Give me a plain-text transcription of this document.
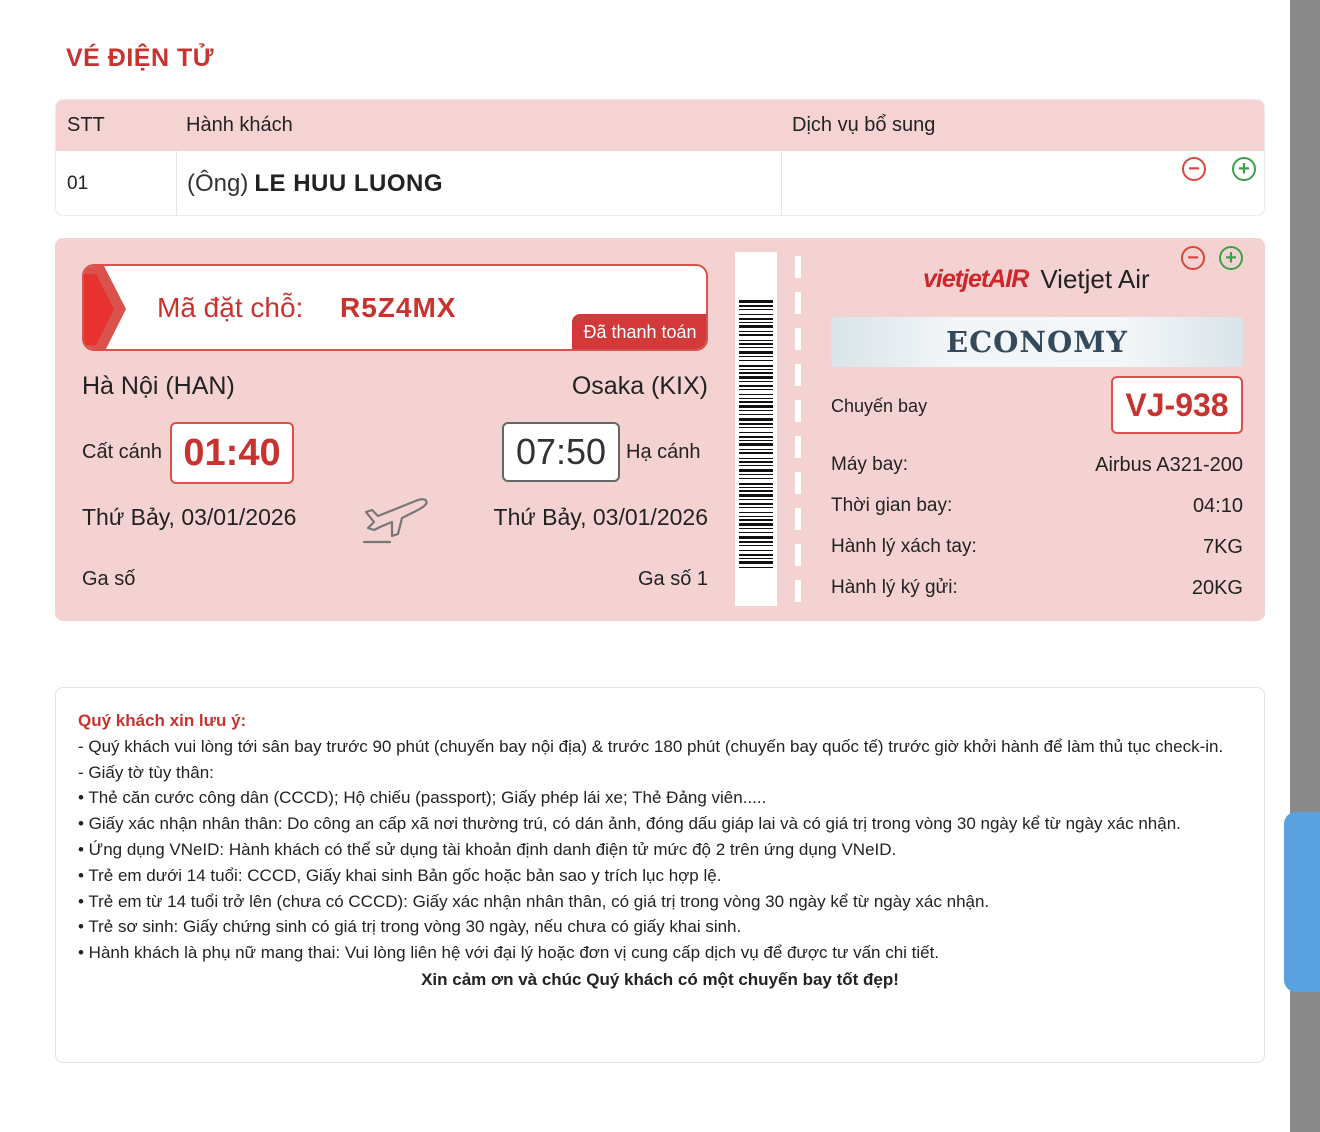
VÉ ĐIỆN TỬ
STT	Hành khách	Dịch vụ bổ sung
01	(Ông) LE HUU LUONG
−	+
Mã đặt chỗ: R5Z4MX
Đã thanh toán
Hà Nội (HAN)	Osaka (KIX)
Cất cánh 01:40	07:50 Hạ cánh
Thứ Bảy, 03/01/2026	Thứ Bảy, 03/01/2026
Ga số	Ga số 1
vietjetAIR Vietjet Air
−	+
ECONOMY
Chuyến bay	VJ-938
Máy bay:	Airbus A321-200
Thời gian bay:	04:10
Hành lý xách tay:	7KG
Hành lý ký gửi:	20KG
Quý khách xin lưu ý:
- Quý khách vui lòng tới sân bay trước 90 phút (chuyến bay nội địa) & trước 180 phút (chuyến bay quốc tế) trước giờ khởi hành để làm thủ tục check-in.
- Giấy tờ tùy thân:
• Thẻ căn cước công dân (CCCD); Hộ chiếu (passport); Giấy phép lái xe; Thẻ Đảng viên.....
• Giấy xác nhận nhân thân: Do công an cấp xã nơi thường trú, có dán ảnh, đóng dấu giáp lai và có giá trị trong vòng 30 ngày kể từ ngày xác nhận.
• Ứng dụng VNeID: Hành khách có thể sử dụng tài khoản định danh điện tử mức độ 2 trên ứng dụng VNeID.
• Trẻ em dưới 14 tuổi: CCCD, Giấy khai sinh Bản gốc hoặc bản sao y trích lục hợp lệ.
• Trẻ em từ 14 tuổi trở lên (chưa có CCCD): Giấy xác nhận nhân thân, có giá trị trong vòng 30 ngày kể từ ngày xác nhận.
• Trẻ sơ sinh: Giấy chứng sinh có giá trị trong vòng 30 ngày, nếu chưa có giấy khai sinh.
• Hành khách là phụ nữ mang thai: Vui lòng liên hệ với đại lý hoặc đơn vị cung cấp dịch vụ để được tư vấn chi tiết.
Xin cảm ơn và chúc Quý khách có một chuyến bay tốt đẹp!
